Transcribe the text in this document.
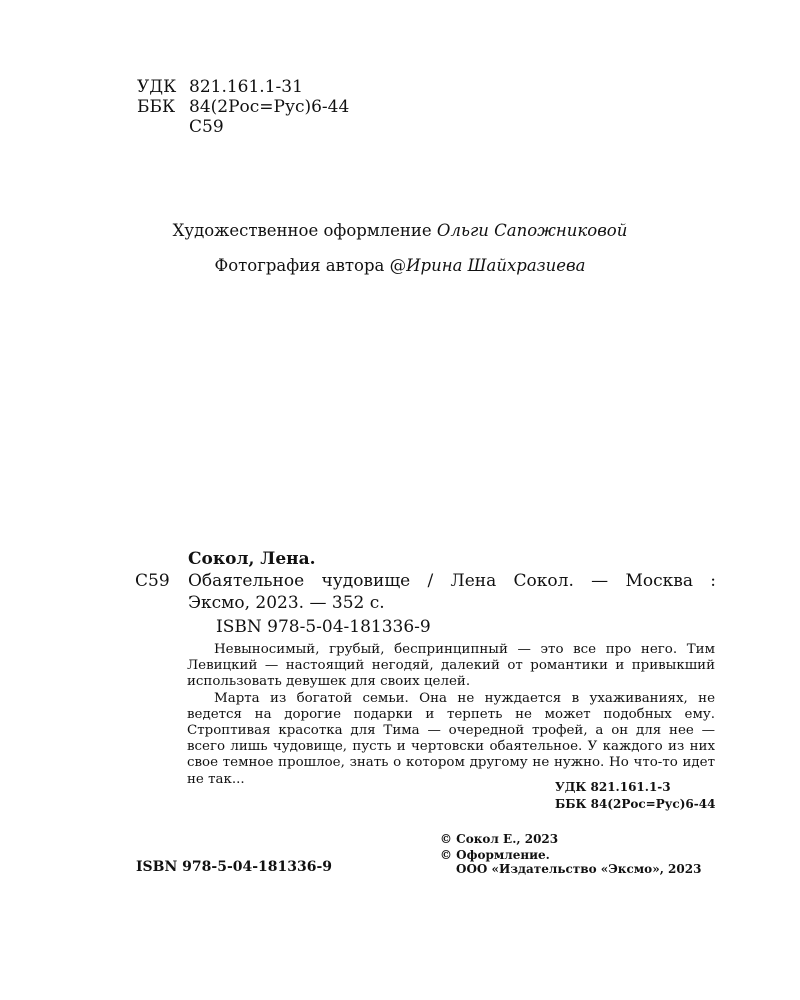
УДК 821.161.1-31
ББК 84(2Рос=Рус)6-44
С59
Художественное оформление Ольги Сапожниковой
Фотография автора @Ирина Шайхразиева
Сокол, Лена.
С59 Обаятельное чудовище / Лена Сокол. — Москва :
Эксмо, 2023. — 352 с.
ISBN 978-5-04-181336-9

Невыносимый, грубый, беспринципный — это все про него. Тим Левицкий — настоящий негодяй, далекий от романтики и привыкший использовать девушек для своих целей.

Марта из богатой семьи. Она не нуждается в ухаживаниях, не ведется на дорогие подарки и терпеть не может подобных ему. Строптивая красотка для Тима — очередной трофей, а он для нее — всего лишь чудовище, пусть и чертовски обаятельное. У каждого из них свое темное прошлое, знать о котором другому не нужно. Но что-то идет не так...

УДК 821.161.1-3
ББК 84(2Рос=Рус)6-44
© Сокол Е., 2023
© Оформление.
ООО «Издательство «Эксмо», 2023
ISBN 978-5-04-181336-9
